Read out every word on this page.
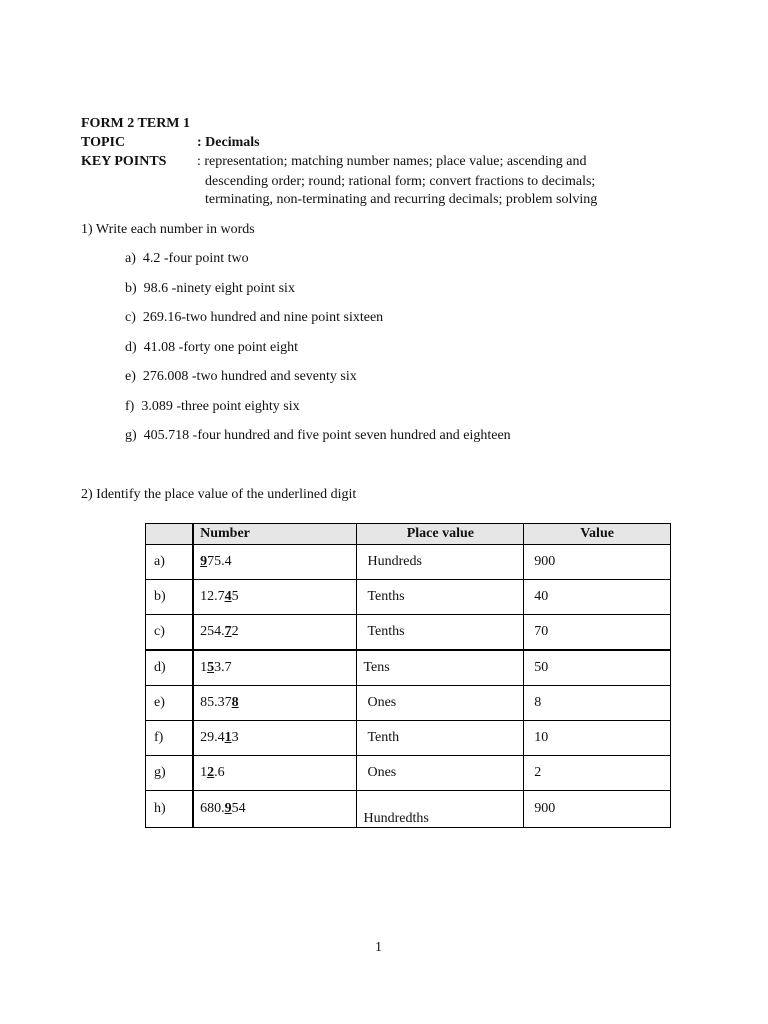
FORM 2 TERM 1
TOPIC	: Decimals
KEY POINTS : representation; matching number names; place value; ascending and
descending order; round; rational form; convert fractions to decimals;
terminating, non-terminating and recurring decimals; problem solving
1) Write each number in words
a) 4.2 -four point two
b) 98.6 -ninety eight point six
c) 269.16-two hundred and nine point sixteen
d) 41.08 -forty one point eight
e) 276.008 -two hundred and seventy six
f) 3.089 -three point eighty six
g) 405.718 -four hundred and five point seven hundred and eighteen
2) Identify the place value of the underlined digit
	Number	Place value	Value
a)	975.4	Hundreds	900
b)	12.745	Tenths	40
c)	254.72	Tenths	70
d)	153.7	Tens	50
e)	85.378	Ones	8
f)	29.413	Tenth	10
g)	12.6	Ones	2
h)	680.954	Hundredths	900
1
